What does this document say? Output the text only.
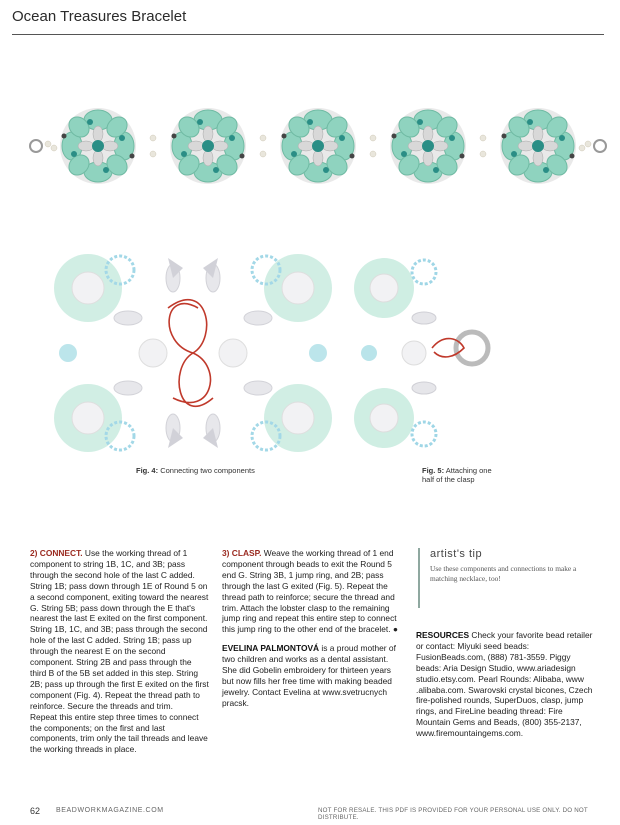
Ocean Treasures Bracelet
Fig. 4: Connecting two components	Fig. 5: Attaching one half of the clasp

2) CONNECT. Use the working thread of 1 component to string 1B, 1C, and 3B; pass through the second hole of the last C added. String 1B; pass down through 1E of Round 5 on a second component, exiting toward the nearest G. String 5B; pass down through the E that's nearest the last E exited on the first component. String 1B, 1C, and 3B; pass through the second hole of the last C added. String 1B; pass up through the nearest E on the second component. String 2B and pass through the third B of the 5B set added in this step. String 2B; pass up through the first E exited on the first component (Fig. 4). Repeat the thread path to reinforce. Secure the threads and trim.

Repeat this entire step three times to connect the components; on the first and last components, trim only the tail threads and leave the working threads in place.

3) CLASP. Weave the working thread of 1 end component through beads to exit the Round 5 end G. String 3B, 1 jump ring, and 2B; pass through the last G exited (Fig. 5). Repeat the thread path to reinforce; secure the thread and trim. Attach the lobster clasp to the remaining jump ring and repeat this entire step to connect this jump ring to the other end of the bracelet. ●

EVELINA PALMONTOVÁ is a proud mother of two children and works as a dental assistant. She did Gobelin embroidery for thirteen years but now fills her free time with making beaded jewelry. Contact Evelina at www.svetrucnych pracsk.

artist's tip
Use these components and connections to make a matching necklace, too!
RESOURCES Check your favorite bead retailer or contact: Miyuki seed beads: FusionBeads.com, (888) 781-3559. Piggy beads: Aria Design Studio, www.ariadesign studio.etsy.com. Pearl Rounds: Alibaba, www .alibaba.com. Swarovski crystal bicones, Czech fire-polished rounds, SuperDuos, clasp, jump rings, and FireLine beading thread: Fire Mountain Gems and Beads, (800) 355-2137, www.firemountaingems.com.
62 BEADWORKMAGAZINE.COM	NOT FOR RESALE. THIS PDF IS PROVIDED FOR YOUR PERSONAL USE ONLY. DO NOT DISTRIBUTE.
